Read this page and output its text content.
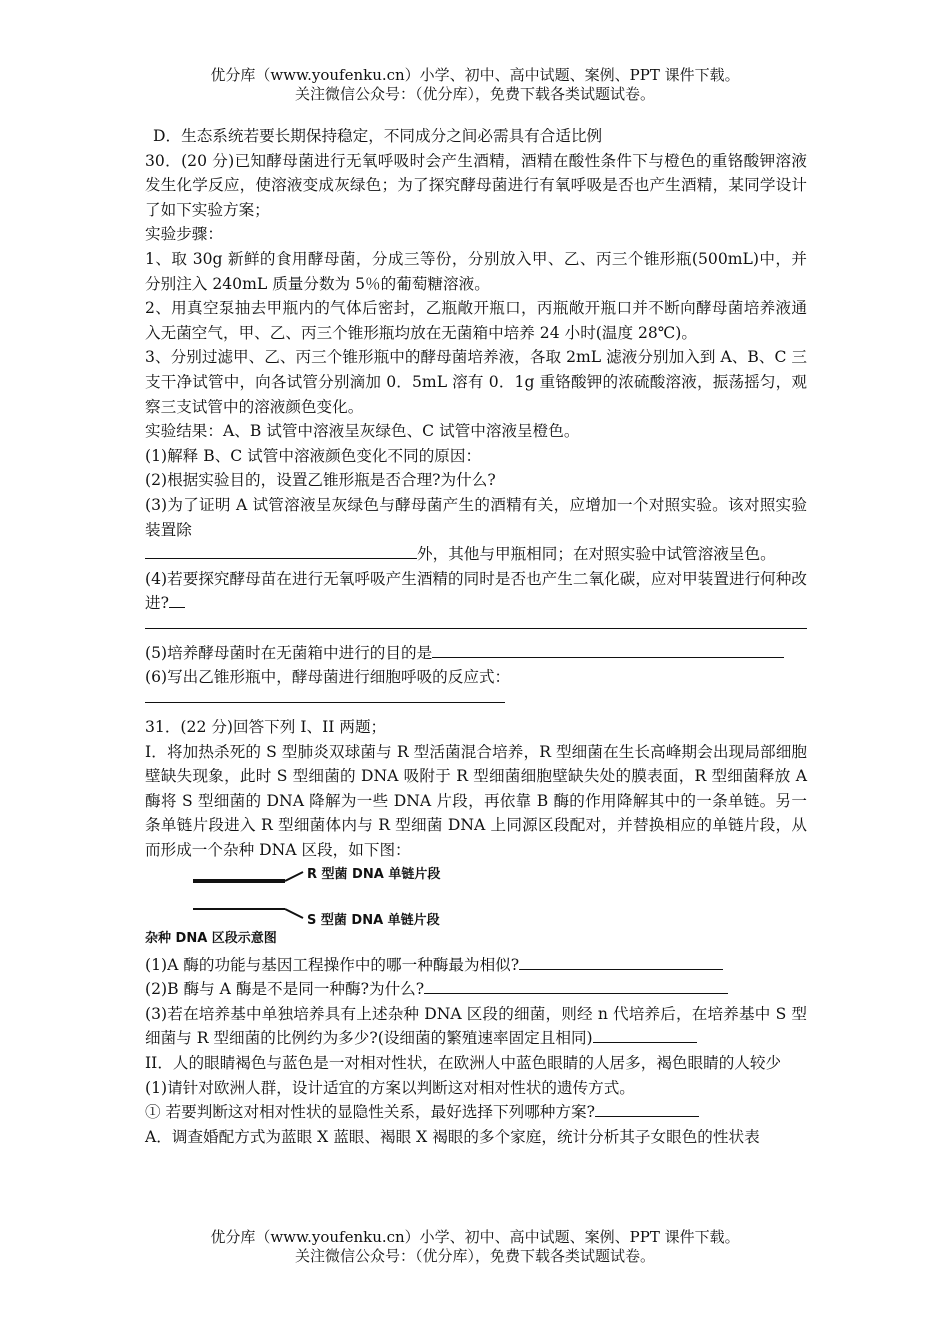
优分库（www.youfenku.cn）小学、初中、高中试题、案例、PPT 课件下载。
关注微信公众号：（优分库），免费下载各类试题试卷。

D．生态系统若要长期保持稳定，不同成分之间必需具有合适比例

30．(20 分)已知酵母菌进行无氧呼吸时会产生酒精，酒精在酸性条件下与橙色的重铬酸钾溶液发生化学反应，使溶液变成灰绿色；为了探究酵母菌进行有氧呼吸是否也产生酒精，某同学设计了如下实验方案；

实验步骤：

1、取 30g 新鲜的食用酵母菌，分成三等份，分别放入甲、乙、丙三个锥形瓶(500mL)中，并分别注入 240mL 质量分数为 5％的葡萄糖溶液。

2、用真空泵抽去甲瓶内的气体后密封，乙瓶敞开瓶口，丙瓶敞开瓶口并不断向酵母菌培养液通入无菌空气，甲、乙、丙三个锥形瓶均放在无菌箱中培养 24 小时(温度 28℃)。

3、分别过滤甲、乙、丙三个锥形瓶中的酵母菌培养液，各取 2mL 滤液分别加入到 A、B、C 三支干净试管中，向各试管分别滴加 0．5mL 溶有 0．1g 重铬酸钾的浓硫酸溶液，振荡摇匀，观察三支试管中的溶液颜色变化。

实验结果：A、B 试管中溶液呈灰绿色、C 试管中溶液呈橙色。

(1)解释 B、C 试管中溶液颜色变化不同的原因：

(2)根据实验目的，设置乙锥形瓶是否合理?为什么?

(3)为了证明 A 试管溶液呈灰绿色与酵母菌产生的酒精有关，应增加一个对照实验。该对照实验装置除

外，其他与甲瓶相同；在对照实验中试管溶液呈色。

(4)若要探究酵母苗在进行无氧呼吸产生酒精的同时是否也产生二氧化碳，应对甲装置进行何种改进?

(5)培养酵母菌时在无菌箱中进行的目的是

(6)写出乙锥形瓶中，酵母菌进行细胞呼吸的反应式：

31．(22 分)回答下列 I、II 两题；

I．将加热杀死的 S 型肺炎双球菌与 R 型活菌混合培养，R 型细菌在生长高峰期会出现局部细胞壁缺失现象，此时 S 型细菌的 DNA 吸附于 R 型细菌细胞壁缺失处的膜表面，R 型细菌释放 A 酶将 S 型细菌的 DNA 降解为一些 DNA 片段，再依靠 B 酶的作用降解其中的一条单链。另一条单链片段进入 R 型细菌体内与 R 型细菌 DNA 上同源区段配对，并替换相应的单链片段，从而形成一个杂种 DNA 区段，如下图：

R 型菌 DNA 单链片段
S 型菌 DNA 单链片段
杂种 DNA 区段示意图

(1)A 酶的功能与基因工程操作中的哪一种酶最为相似?

(2)B 酶与 A 酶是不是同一种酶?为什么?

(3)若在培养基中单独培养具有上述杂种 DNA 区段的细菌，则经 n 代培养后，在培养基中 S 型细菌与 R 型细菌的比例约为多少?(设细菌的繁殖速率固定且相同)

II．人的眼睛褐色与蓝色是一对相对性状，在欧洲人中蓝色眼睛的人居多，褐色眼睛的人较少

(1)请针对欧洲人群，设计适宜的方案以判断这对相对性状的遗传方式。

① 若要判断这对相对性状的显隐性关系，最好选择下列哪种方案?

A．调查婚配方式为蓝眼 X 蓝眼、褐眼 X 褐眼的多个家庭，统计分析其子女眼色的性状表

优分库（www.youfenku.cn）小学、初中、高中试题、案例、PPT 课件下载。
关注微信公众号：（优分库），免费下载各类试题试卷。
